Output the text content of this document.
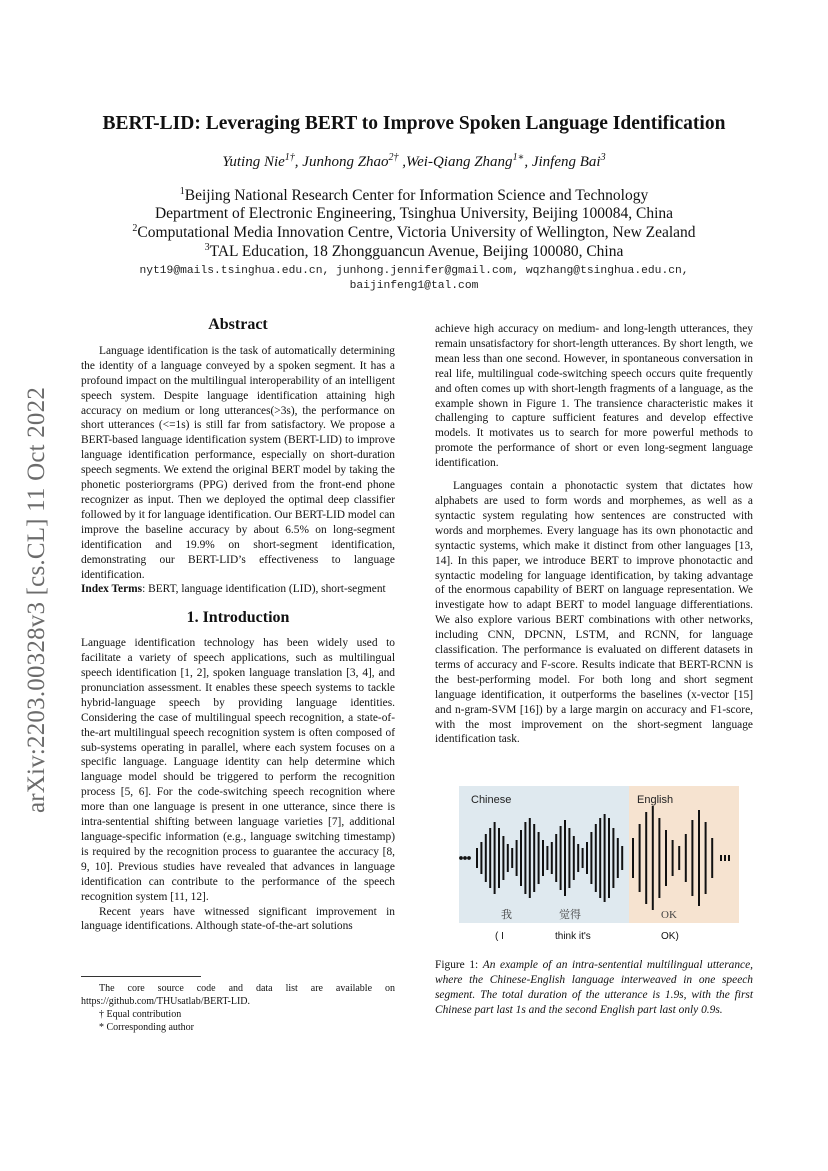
arXiv:2203.00328v3 [cs.CL] 11 Oct 2022
BERT-LID: Leveraging BERT to Improve Spoken Language Identification
Yuting Nie$^{1\dagger}$, Junhong Zhao$^{2\dagger}$ ,Wei-Qiang Zhang$^{1∗}$, Jinfeng Bai$^3$
$^1$Beijing National Research Center for Information Science and Technology
Department of Electronic Engineering, Tsinghua University, Beijing 100084, China
$^2$Computational Media Innovation Centre, Victoria University of Wellington, New Zealand
$^3$TAL Education, 18 Zhongguancun Avenue, Beijing 100080, China
nyt19@mails.tsinghua.edu.cn, junhong.jennifer@gmail.com, wqzhang@tsinghua.edu.cn,
baijinfeng1@tal.com
Abstract

Language identification is the task of automatically determining the identity of a language conveyed by a spoken segment. It has a profound impact on the multilingual interoperability of an intelligent speech system. Despite language identification attaining high accuracy on medium or long utterances(>3s), the performance on short utterances (<=1s) is still far from satisfactory. We propose a BERT-based language identification system (BERT-LID) to improve language identification performance, especially on short-duration speech segments. We extend the original BERT model by taking the phonetic posteriorgrams (PPG) derived from the front-end phone recognizer as input. Then we deployed the optimal deep classifier followed by it for language identification. Our BERT-LID model can improve the baseline accuracy by about 6.5% on long-segment identification and 19.9% on short-segment identification, demonstrating our BERT-LID’s effectiveness to language identification.

Index Terms: BERT, language identification (LID), short-segment

1. Introduction

Language identification technology has been widely used to facilitate a variety of speech applications, such as multilingual speech identification [1, 2], spoken language translation [3, 4], and pronunciation assessment. It enables these speech systems to tackle hybrid-language speech by providing language identities. Considering the case of multilingual speech recognition, a state-of-the-art multilingual speech recognition system is often composed of sub-systems operating in parallel, where each system focuses on a specific language. Language identity can help determine which language model should be triggered to perform the recognition process [5, 6]. For the code-switching speech recognition where more than one language is present in one utterance, since there is intra-sentential shifting between language varieties [7], additional language-specific information (e.g., language switching timestamp) is required by the recognition process to guarantee the accuracy [8, 9, 10]. Previous studies have revealed that advances in language identification can contribute to the performance of the speech recognition system [11, 12].

Recent years have witnessed significant improvement in language identifications. Although state-of-the-art solutions

The core source code and data list are available on https://github.com/THUsatlab/BERT-LID.
† Equal contribution
* Corresponding author

achieve high accuracy on medium- and long-length utterances, they remain unsatisfactory for short-length utterances. By short length, we mean less than one second. However, in spontaneous conversation in real life, multilingual code-switching speech occurs quite frequently and often comes up with short-length fragments of a language, as the example shown in Figure 1. The transience characteristic makes it challenging to capture sufficient features and develop effective models. It motivates us to search for more powerful methods to promote the performance of short or even long-segment language identification.

Languages contain a phonotactic system that dictates how alphabets are used to form words and morphemes, as well as a syntactic system regulating how sentences are constructed with words and morphemes. Every language has its own phonotactic and syntactic systems, which make it distinct from other languages [13, 14]. In this paper, we introduce BERT to improve phonotactic and syntactic modeling for language identification, by taking advantage of the enormous capability of BERT on language representation. We investigate how to adapt BERT to model language differentiations. We also explore various BERT combinations with other networks, including CNN, DPCNN, LSTM, and RCNN, for language classification. The performance is evaluated on different datasets in terms of accuracy and F-score. Results indicate that BERT-RCNN is the best-performing model. For both long and short segment language identification, it outperforms the baselines (x-vector [15] and n-gram-SVM [16]) by a large margin on accuracy and F1-score, with the most improvement on the short-segment language identification task.

Chinese	English
我	觉得	OK
( I	think it's	OK)
Figure 1: An example of an intra-sentential multilingual utterance, where the Chinese-English language interweaved in one speech segment. The total duration of the utterance is 1.9s, with the first Chinese part last 1s and the second English part last only 0.9s.
